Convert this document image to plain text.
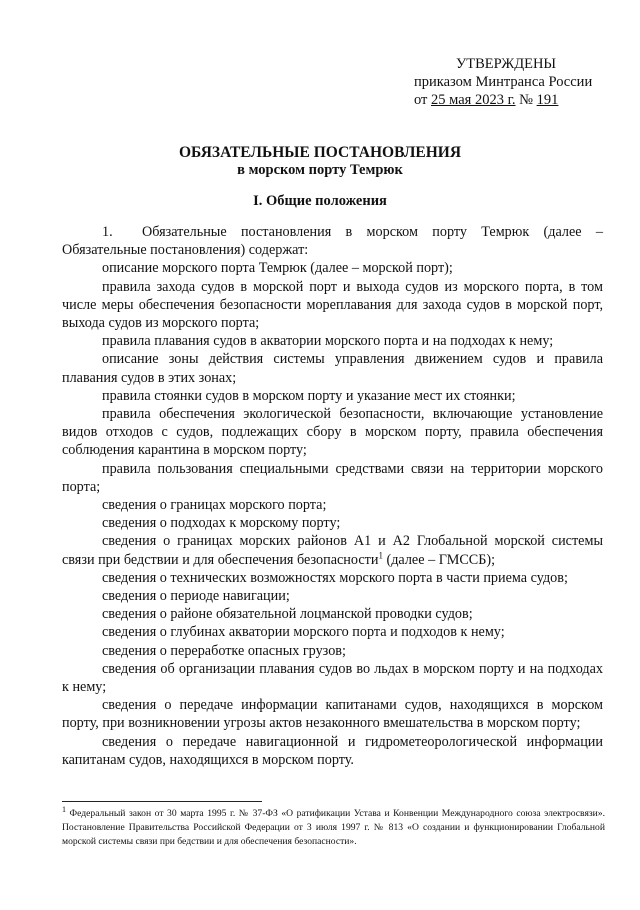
УТВЕРЖДЕНЫ
приказом Минтранса России
от 25 мая 2023 г. № 191
ОБЯЗАТЕЛЬНЫЕ ПОСТАНОВЛЕНИЯ
в морском порту Темрюк
I. Общие положения

1. Обязательные постановления в морском порту Темрюк (далее – Обязательные постановления) содержат:

описание морского порта Темрюк (далее – морской порт);

правила захода судов в морской порт и выхода судов из морского порта, в том числе меры обеспечения безопасности мореплавания для захода судов в морской порт, выхода судов из морского порта;

правила плавания судов в акватории морского порта и на подходах к нему;

описание зоны действия системы управления движением судов и правила плавания судов в этих зонах;

правила стоянки судов в морском порту и указание мест их стоянки;

правила обеспечения экологической безопасности, включающие установление видов отходов с судов, подлежащих сбору в морском порту, правила обеспечения соблюдения карантина в морском порту;

правила пользования специальными средствами связи на территории морского порта;

сведения о границах морского порта;

сведения о подходах к морскому порту;

сведения о границах морских районов А1 и А2 Глобальной морской системы связи при бедствии и для обеспечения безопасности$^1$ (далее – ГМССБ);

сведения о технических возможностях морского порта в части приема судов;

сведения о периоде навигации;

сведения о районе обязательной лоцманской проводки судов;

сведения о глубинах акватории морского порта и подходов к нему;

сведения о переработке опасных грузов;

сведения об организации плавания судов во льдах в морском порту и на подходах к нему;

сведения о передаче информации капитанами судов, находящихся в морском порту, при возникновении угрозы актов незаконного вмешательства в морском порту;

сведения о передаче навигационной и гидрометеорологической информации капитанам судов, находящихся в морском порту.

$^1$ Федеральный закон от 30 марта 1995 г. № 37-ФЗ «О ратификации Устава и Конвенции Международного союза электросвязи». Постановление Правительства Российской Федерации от 3 июля 1997 г. № 813 «О создании и функционировании Глобальной морской системы связи при бедствии и для обеспечения безопасности».
